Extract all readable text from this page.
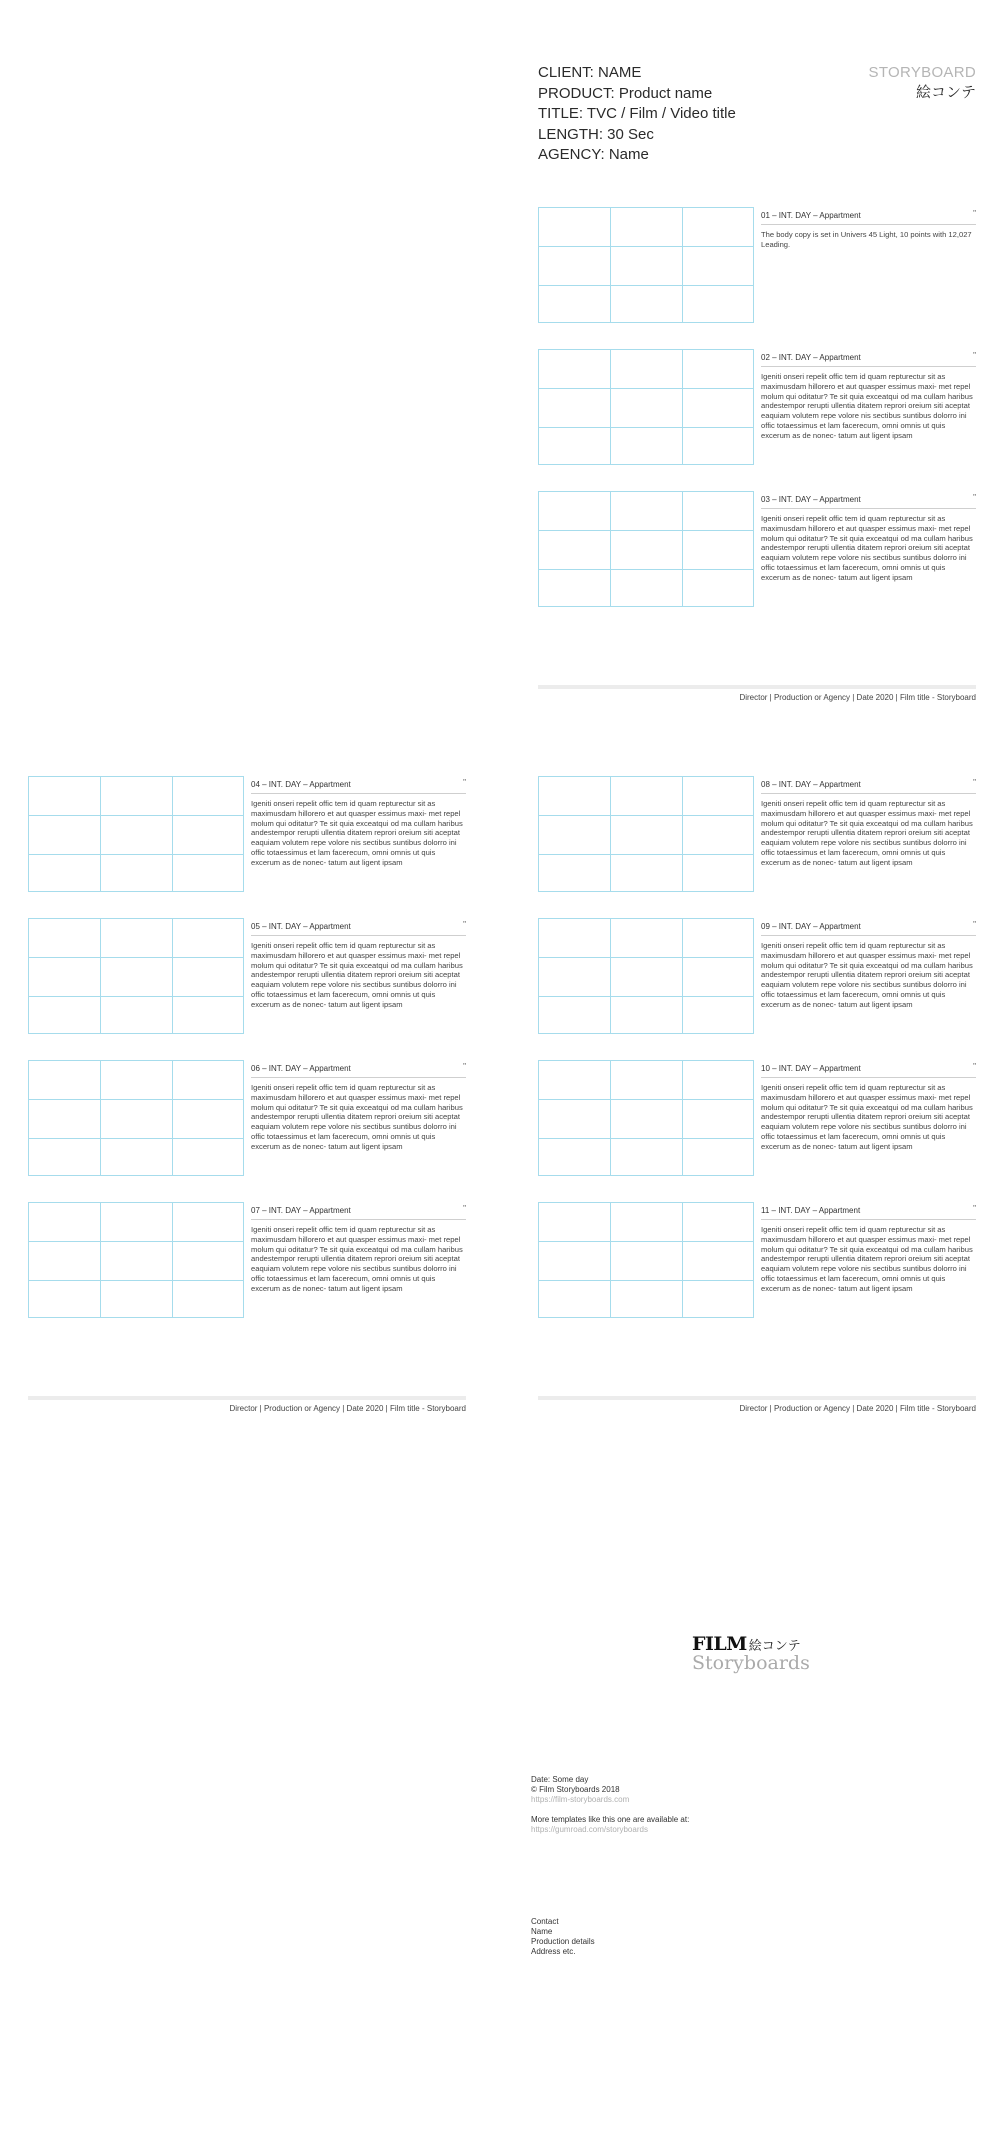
CLIENT: NAME
PRODUCT: Product name
TITLE: TVC / Film / Video title
LENGTH: 30 Sec
AGENCY: Name
STORYBOARD
絵コンテ
01 – INT. DAY – Appartment	"
The body copy is set in Univers 45 Light, 10 points with 12,027 Leading.
02 – INT. DAY – Appartment	"
Igeniti onseri repelit offic tem id quam repturectur sit as maximusdam hillorero et aut quasper essimus maxi- met repel molum qui oditatur? Te sit quia exceatqui od ma cullam haribus andestempor rerupti ullentia ditatem reprori oreium siti aceptat eaquiam volutem repe volore nis sectibus suntibus dolorro ini offic totaessimus et lam facerecum, omni omnis ut quis excerum as de nonec- tatum aut ligent ipsam
03 – INT. DAY – Appartment	"
Igeniti onseri repelit offic tem id quam repturectur sit as maximusdam hillorero et aut quasper essimus maxi- met repel molum qui oditatur? Te sit quia exceatqui od ma cullam haribus andestempor rerupti ullentia ditatem reprori oreium siti aceptat eaquiam volutem repe volore nis sectibus suntibus dolorro ini offic totaessimus et lam facerecum, omni omnis ut quis excerum as de nonec- tatum aut ligent ipsam
Director | Production or Agency | Date 2020 | Film title - Storyboard
04 – INT. DAY – Appartment	"
Igeniti onseri repelit offic tem id quam repturectur sit as maximusdam hillorero et aut quasper essimus maxi- met repel molum qui oditatur? Te sit quia exceatqui od ma cullam haribus andestempor rerupti ullentia ditatem reprori oreium siti aceptat eaquiam volutem repe volore nis sectibus suntibus dolorro ini offic totaessimus et lam facerecum, omni omnis ut quis excerum as de nonec- tatum aut ligent ipsam
05 – INT. DAY – Appartment	"
Igeniti onseri repelit offic tem id quam repturectur sit as maximusdam hillorero et aut quasper essimus maxi- met repel molum qui oditatur? Te sit quia exceatqui od ma cullam haribus andestempor rerupti ullentia ditatem reprori oreium siti aceptat eaquiam volutem repe volore nis sectibus suntibus dolorro ini offic totaessimus et lam facerecum, omni omnis ut quis excerum as de nonec- tatum aut ligent ipsam
06 – INT. DAY – Appartment	"
Igeniti onseri repelit offic tem id quam repturectur sit as maximusdam hillorero et aut quasper essimus maxi- met repel molum qui oditatur? Te sit quia exceatqui od ma cullam haribus andestempor rerupti ullentia ditatem reprori oreium siti aceptat eaquiam volutem repe volore nis sectibus suntibus dolorro ini offic totaessimus et lam facerecum, omni omnis ut quis excerum as de nonec- tatum aut ligent ipsam
07 – INT. DAY – Appartment	"
Igeniti onseri repelit offic tem id quam repturectur sit as maximusdam hillorero et aut quasper essimus maxi- met repel molum qui oditatur? Te sit quia exceatqui od ma cullam haribus andestempor rerupti ullentia ditatem reprori oreium siti aceptat eaquiam volutem repe volore nis sectibus suntibus dolorro ini offic totaessimus et lam facerecum, omni omnis ut quis excerum as de nonec- tatum aut ligent ipsam
Director | Production or Agency | Date 2020 | Film title - Storyboard
08 – INT. DAY – Appartment	"
Igeniti onseri repelit offic tem id quam repturectur sit as maximusdam hillorero et aut quasper essimus maxi- met repel molum qui oditatur? Te sit quia exceatqui od ma cullam haribus andestempor rerupti ullentia ditatem reprori oreium siti aceptat eaquiam volutem repe volore nis sectibus suntibus dolorro ini offic totaessimus et lam facerecum, omni omnis ut quis excerum as de nonec- tatum aut ligent ipsam
09 – INT. DAY – Appartment	"
Igeniti onseri repelit offic tem id quam repturectur sit as maximusdam hillorero et aut quasper essimus maxi- met repel molum qui oditatur? Te sit quia exceatqui od ma cullam haribus andestempor rerupti ullentia ditatem reprori oreium siti aceptat eaquiam volutem repe volore nis sectibus suntibus dolorro ini offic totaessimus et lam facerecum, omni omnis ut quis excerum as de nonec- tatum aut ligent ipsam
10 – INT. DAY – Appartment	"
Igeniti onseri repelit offic tem id quam repturectur sit as maximusdam hillorero et aut quasper essimus maxi- met repel molum qui oditatur? Te sit quia exceatqui od ma cullam haribus andestempor rerupti ullentia ditatem reprori oreium siti aceptat eaquiam volutem repe volore nis sectibus suntibus dolorro ini offic totaessimus et lam facerecum, omni omnis ut quis excerum as de nonec- tatum aut ligent ipsam
11 – INT. DAY – Appartment	"
Igeniti onseri repelit offic tem id quam repturectur sit as maximusdam hillorero et aut quasper essimus maxi- met repel molum qui oditatur? Te sit quia exceatqui od ma cullam haribus andestempor rerupti ullentia ditatem reprori oreium siti aceptat eaquiam volutem repe volore nis sectibus suntibus dolorro ini offic totaessimus et lam facerecum, omni omnis ut quis excerum as de nonec- tatum aut ligent ipsam
Director | Production or Agency | Date 2020 | Film title - Storyboard
FILM 絵コンテ
Storyboards
Date: Some day
© Film Storyboards 2018
https://film-storyboards.com
More templates like this one are available at:
https://gumroad.com/storyboards
Contact
Name
Production details
Address etc.
